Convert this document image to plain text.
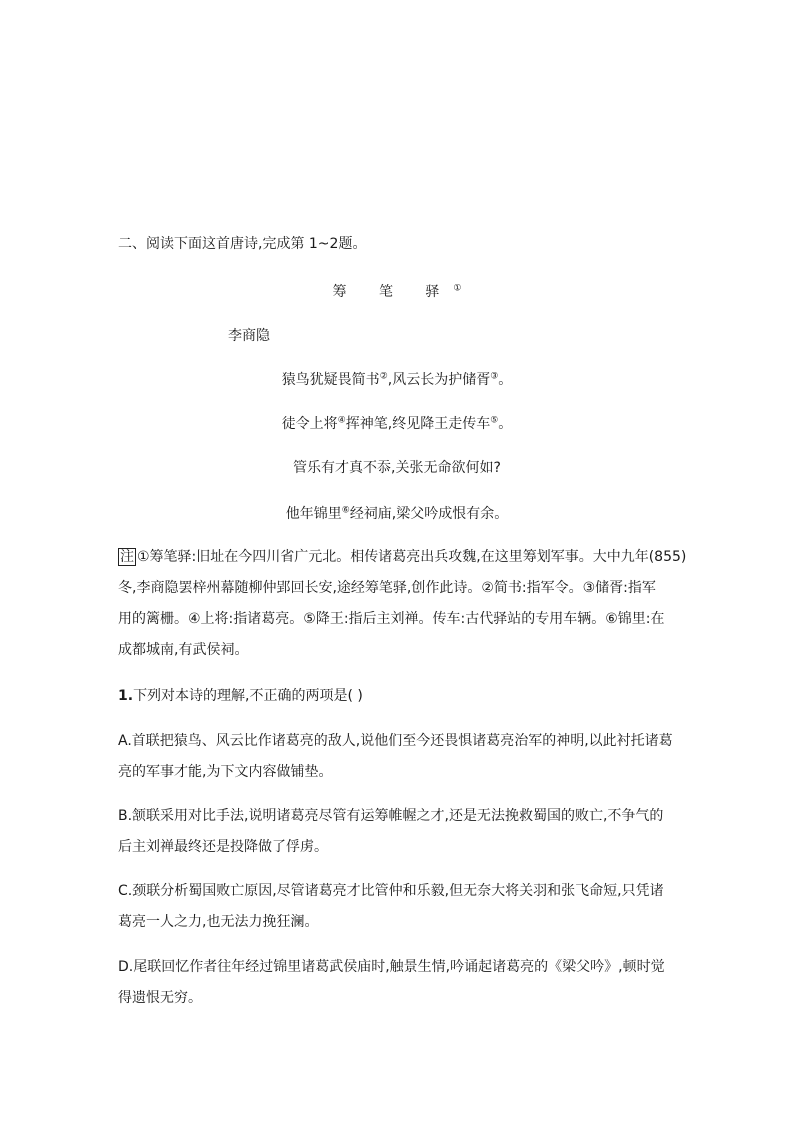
二、阅读下面这首唐诗,完成第 1~2题。
筹 笔 驿①
李商隐
猿鸟犹疑畏简书②,风云长为护储胥③。
徒令上将④挥神笔,终见降王走传车⑤。
管乐有才真不忝,关张无命欲何如?
他年锦里⑥经祠庙,梁父吟成恨有余。
注 ①筹笔驿:旧址在今四川省广元北。相传诸葛亮出兵攻魏,在这里筹划军事。大中九年(855)
冬,李商隐罢梓州幕随柳仲郢回长安,途经筹笔驿,创作此诗。②简书:指军令。③储胥:指军
用的篱栅。④上将:指诸葛亮。⑤降王:指后主刘禅。传车:古代驿站的专用车辆。⑥锦里:在
成都城南,有武侯祠。
1.下列对本诗的理解,不正确的两项是( )
A.首联把猿鸟、风云比作诸葛亮的敌人,说他们至今还畏惧诸葛亮治军的神明,以此衬托诸葛
亮的军事才能,为下文内容做铺垫。
B.颔联采用对比手法,说明诸葛亮尽管有运筹帷幄之才,还是无法挽救蜀国的败亡,不争气的
后主刘禅最终还是投降做了俘虏。
C.颈联分析蜀国败亡原因,尽管诸葛亮才比管仲和乐毅,但无奈大将关羽和张飞命短,只凭诸
葛亮一人之力,也无法力挽狂澜。
D.尾联回忆作者往年经过锦里诸葛武侯庙时,触景生情,吟诵起诸葛亮的《梁父吟》,顿时觉
得遗恨无穷。
